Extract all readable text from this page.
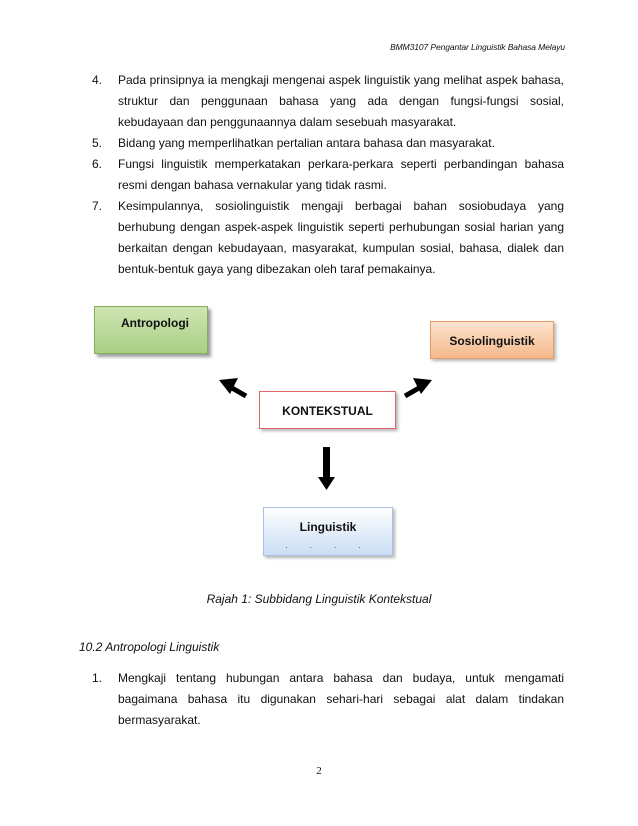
BMM3107 Pengantar Linguistik Bahasa Melayu

4. Pada prinsipnya ia mengkaji mengenai aspek linguistik yang melihat aspek bahasa, struktur dan penggunaan bahasa yang ada dengan fungsi-fungsi sosial, kebudayaan dan penggunaannya dalam sesebuah masyarakat.

5. Bidang yang memperlihatkan pertalian antara bahasa dan masyarakat.

6. Fungsi linguistik memperkatakan perkara-perkara seperti perbandingan bahasa resmi dengan bahasa vernakular yang tidak rasmi.

7. Kesimpulannya, sosiolinguistik mengaji berbagai bahan sosiobudaya yang berhubung dengan aspek-aspek linguistik seperti perhubungan sosial harian yang berkaitan dengan kebudayaan, masyarakat, kumpulan sosial, bahasa, dialek dan bentuk-bentuk gaya yang dibezakan oleh taraf pemakainya.

Antropologi
Sosiolinguistik
KONTEKSTUAL
Linguistik
. . . .
Rajah 1: Subbidang Linguistik Kontekstual
10.2 Antropologi Linguistik

1. Mengkaji tentang hubungan antara bahasa dan budaya, untuk mengamati bagaimana bahasa itu digunakan sehari-hari sebagai alat dalam tindakan bermasyarakat.

2
